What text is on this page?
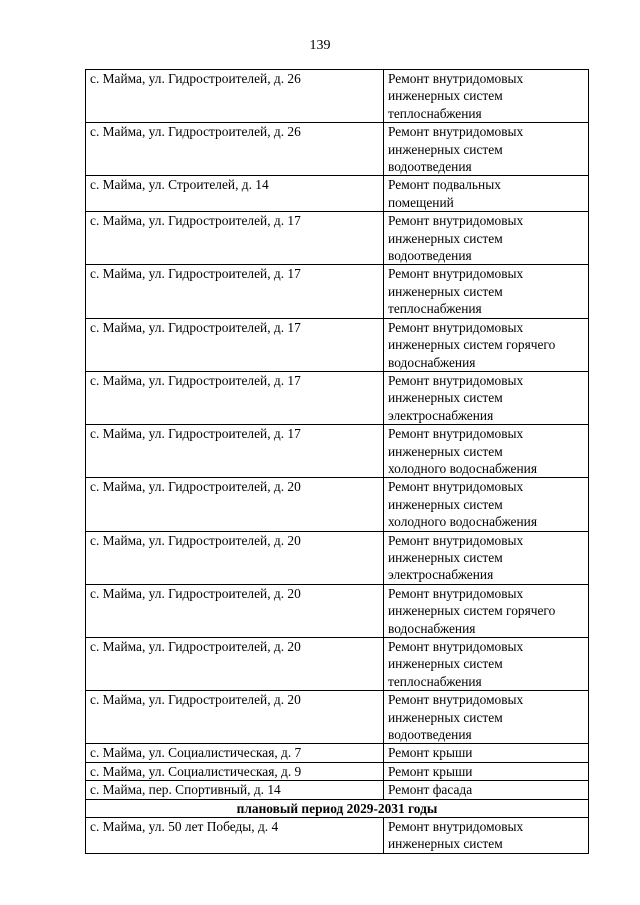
139
с. Майма, ул. Гидростроителей, д. 26	Ремонт внутридомовых
инженерных систем
теплоснабжения

с. Майма, ул. Гидростроителей, д. 26	Ремонт внутридомовых
инженерных систем
водоотведения

с. Майма, ул. Строителей, д. 14	Ремонт подвальных
помещений

с. Майма, ул. Гидростроителей, д. 17	Ремонт внутридомовых
инженерных систем
водоотведения

с. Майма, ул. Гидростроителей, д. 17	Ремонт внутридомовых
инженерных систем
теплоснабжения

с. Майма, ул. Гидростроителей, д. 17	Ремонт внутридомовых
инженерных систем горячего
водоснабжения

с. Майма, ул. Гидростроителей, д. 17	Ремонт внутридомовых
инженерных систем
электроснабжения

с. Майма, ул. Гидростроителей, д. 17	Ремонт внутридомовых
инженерных систем
холодного водоснабжения

с. Майма, ул. Гидростроителей, д. 20	Ремонт внутридомовых
инженерных систем
холодного водоснабжения

с. Майма, ул. Гидростроителей, д. 20	Ремонт внутридомовых
инженерных систем
электроснабжения

с. Майма, ул. Гидростроителей, д. 20	Ремонт внутридомовых
инженерных систем горячего
водоснабжения

с. Майма, ул. Гидростроителей, д. 20	Ремонт внутридомовых
инженерных систем
теплоснабжения

с. Майма, ул. Гидростроителей, д. 20	Ремонт внутридомовых
инженерных систем
водоотведения

с. Майма, ул. Социалистическая, д. 7	Ремонт крыши

с. Майма, ул. Социалистическая, д. 9	Ремонт крыши

с. Майма, пер. Спортивный, д. 14	Ремонт фасада

плановый период 2029-2031 годы	
с. Майма, ул. 50 лет Победы, д. 4	Ремонт внутридомовых
инженерных систем
